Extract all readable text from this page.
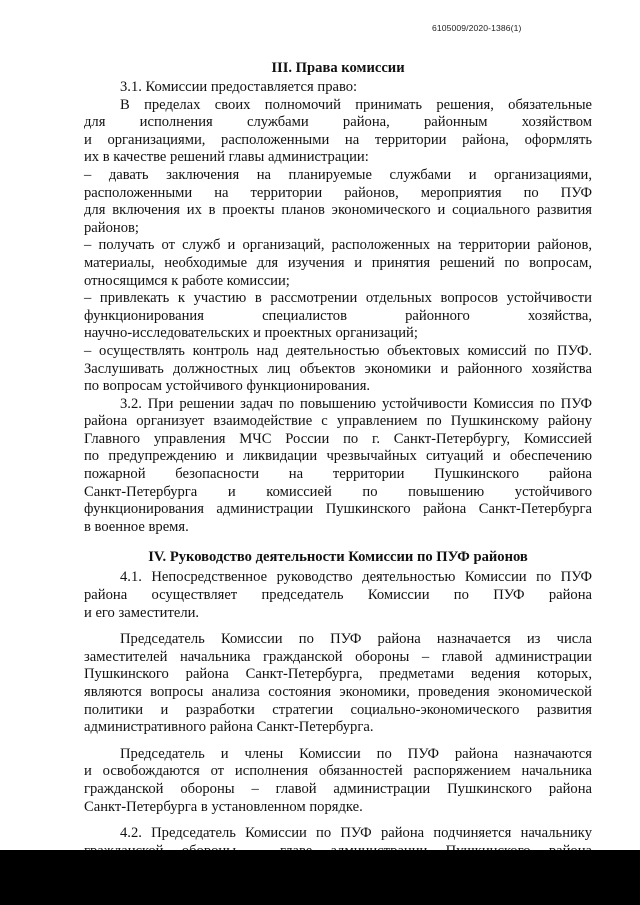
6105009/2020-1386(1)
III. Права комиссии
3.1. Комиссии предоставляется право:
В пределах своих полномочий принимать решения, обязательные
для исполнения службами района, районным хозяйством
и организациями, расположенными на территории района, оформлять
их в качестве решений главы администрации:
– давать заключения на планируемые службами и организациями,
расположенными на территории районов, мероприятия по ПУФ
для включения их в проекты планов экономического и социального развития
районов;
– получать от служб и организаций, расположенных на территории районов,
материалы, необходимые для изучения и принятия решений по вопросам,
относящимся к работе комиссии;
– привлекать к участию в рассмотрении отдельных вопросов устойчивости
функционирования специалистов районного хозяйства,
научно-исследовательских и проектных организаций;
– осуществлять контроль над деятельностью объектовых комиссий по ПУФ.
Заслушивать должностных лиц объектов экономики и районного хозяйства
по вопросам устойчивого функционирования.
3.2. При решении задач по повышению устойчивости Комиссия по ПУФ
района организует взаимодействие с управлением по Пушкинскому району
Главного управления МЧС России по г. Санкт-Петербургу, Комиссией
по предупреждению и ликвидации чрезвычайных ситуаций и обеспечению
пожарной безопасности на территории Пушкинского района
Санкт-Петербурга и комиссией по повышению устойчивого
функционирования администрации Пушкинского района Санкт-Петербурга
в военное время.
IV. Руководство деятельности Комиссии по ПУФ районов
4.1. Непосредственное руководство деятельностью Комиссии по ПУФ
района осуществляет председатель Комиссии по ПУФ района
и его заместители.
Председатель Комиссии по ПУФ района назначается из числа
заместителей начальника гражданской обороны – главой администрации
Пушкинского района Санкт-Петербурга, предметами ведения которых,
являются вопросы анализа состояния экономики, проведения экономической
политики и разработки стратегии социально-экономического развития
административного района Санкт-Петербурга.
Председатель и члены Комиссии по ПУФ района назначаются
и освобождаются от исполнения обязанностей распоряжением начальника
гражданской обороны – главой администрации Пушкинского района
Санкт-Петербурга в установленном порядке.
4.2. Председатель Комиссии по ПУФ района подчиняется начальнику
